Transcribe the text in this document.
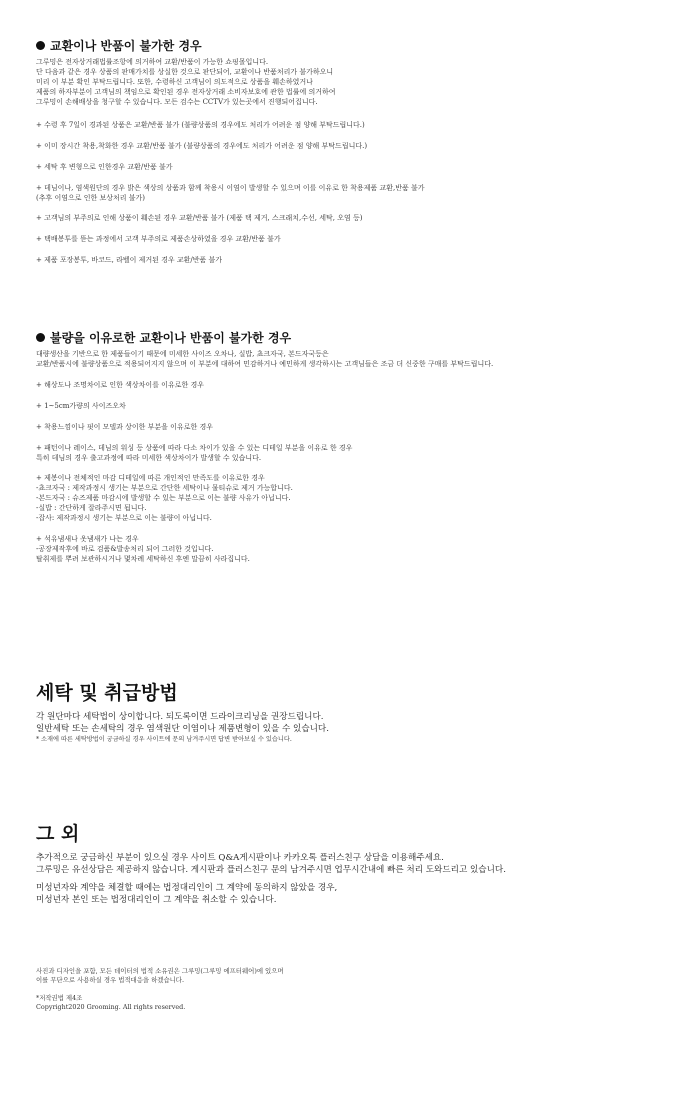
교환이나 반품이 불가한 경우

그루밍은 전자상거래법률조항에 의거하여 교환/반품이 가능한 쇼핑몰입니다.

단 다음과 같은 경우 상품의 판매가치를 상실한 것으로 판단되어, 교환이나 반품처리가 불가하오니

미리 이 부분 확인 부탁드립니다. 또한, 수령하신 고객님이 의도적으로 상품을 훼손하였거나

제품의 하자부분이 고객님의 책임으로 확인된 경우 전자상거래 소비자보호에 관한 법률에 의거하여

그루밍이 손해배상을 청구할 수 있습니다. 모든 검수는 CCTV가 있는곳에서 진행되어집니다.

+ 수령 후 7일이 경과된 상품은 교환/반품 불가 (불량상품의 경우에도 처리가 어려운 점 양해 부탁드립니다.)

+ 이미 장시간 착용,착화한 경우 교환/반품 불가 (불량상품의 경우에도 처리가 어려운 점 양해 부탁드립니다.)

+ 세탁 후 변형으로 인한경우 교환/반품 불가

+ 데님이나, 염색원단의 경우 밝은 색상의 상품과 함께 착용시 이염이 발생할 수 있으며 이를 이유로 한 착용제품 교환,반품 불가

(추후 이염으로 인한 보상처리 불가)

+ 고객님의 부주의로 인해 상품이 훼손된 경우 교환/반품 불가 (제품 택 제거, 스크래치,수선, 세탁, 오염 등)

+ 택배봉투를 뜯는 과정에서 고객 부주의로 제품손상하였을 경우 교환/반품 불가

+ 제품 포장봉투, 바코드, 라벨이 제거된 경우 교환/반품 불가

불량을 이유로한 교환이나 반품이 불가한 경우

대량생산을 기반으로 한 제품들이기 때문에 미세한 사이즈 오차나, 실밥, 쵸크자국, 본드자국등은

교환/반품시에 불량상품으로 적용되어지지 않으며 이 부분에 대하여 민감하거나 예민하게 생각하시는 고객님들은 조금 더 신중한 구매를 부탁드립니다.

+ 해상도나 조명차이로 인한 색상차이를 이유로한 경우

+ 1~5cm가량의 사이즈오차

+ 착용느낌이나 핏이 모델과 상이한 부분을 이유로한 경우

+ 패턴이나 레이스, 데님의 워싱 등 상품에 따라 다소 차이가 있을 수 있는 디테일 부분을 이유로 한 경우

특히 데님의 경우 출고과정에 따라 미세한 색상차이가 발생할 수 있습니다.

+ 제봉이나 전체적인 마감 디테일에 따른 개인적인 만족도를 이유로한 경우

-쵸크자국 : 제작과정시 생기는 부분으로 간단한 세탁이나 물티슈로 제거 가능합니다.

-본드자국 : 슈즈제품 마감시에 발생할 수 있는 부분으로 이는 불량 사유가 아닙니다.

-실밥 : 간단하게 잘라주시면 됩니다.

-잡사: 제작과정시 생기는 부분으로 이는 불량이 아닙니다.

+ 석유냄새나 옷냄새가 나는 경우

-공장제작후에 바로 검품&발송처리 되어 그러한 것입니다.

탈취제를 뿌려 보관하시거나 몇차례 세탁하신 후엔 말끔히 사라집니다.

세탁 및 취급방법

각 원단마다 세탁법이 상이합니다. 되도록이면 드라이크리닝을 권장드립니다.

일반세탁 또는 손세탁의 경우 염색원단 이염이나 제품변형이 있을 수 있습니다.

* 소재에 따른 세탁방법이 궁금하실 경우 사이트에 문의 남겨주시면 답변 받아보실 수 있습니다.

그 외

추가적으로 궁금하신 부분이 있으실 경우 사이트 Q&A게시판이나 카카오톡 플러스친구 상담을 이용해주세요.

그루밍은 유선상담은 제공하지 않습니다. 게시판과 플러스친구 문의 남겨주시면 업무시간내에 빠른 처리 도와드리고 있습니다.

미성년자와 계약을 체결할 때에는 법정대리인이 그 계약에 동의하지 않았을 경우,

미성년자 본인 또는 법정대리인이 그 계약을 취소할 수 있습니다.

사진과 디자인을 포함, 모든 데이터의 법적 소유권은 그루밍(그루밍 에프터웨어)에 있으며

이를 무단으로 사용하실 경우 법적대응을 하겠습니다.

*저작권법 제4조

Copyright2020 Grooming. All rights reserved.
